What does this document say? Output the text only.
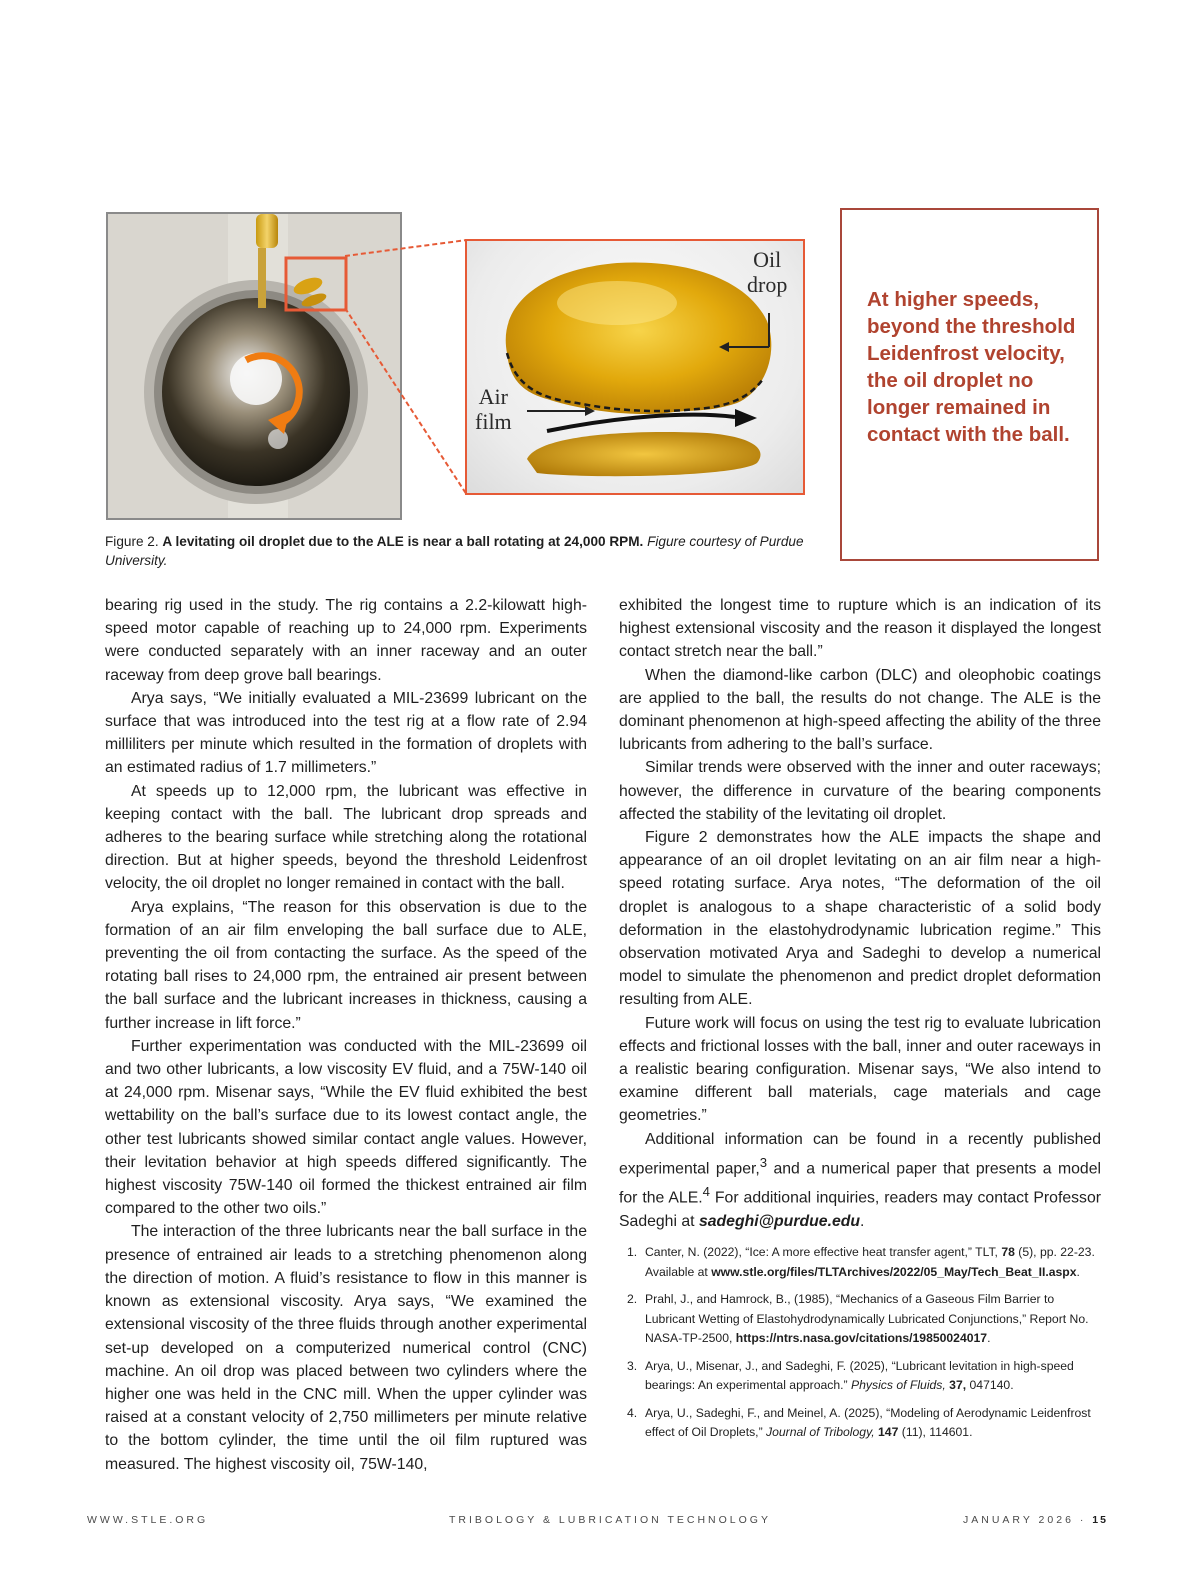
Oil
drop
Air
film
At higher speeds, beyond the threshold Leidenfrost velocity, the oil droplet no longer remained in contact with the ball.
Figure 2. A levitating oil droplet due to the ALE is near a ball rotating at 24,000 RPM. Figure courtesy of Purdue University.

bearing rig used in the study. The rig contains a 2.2-kilowatt high-speed motor capable of reaching up to 24,000 rpm. Experiments were conducted separately with an inner raceway and an outer raceway from deep grove ball bearings.

Arya says, “We initially evaluated a MIL-23699 lubricant on the surface that was introduced into the test rig at a flow rate of 2.94 milliliters per minute which resulted in the formation of droplets with an estimated radius of 1.7 millimeters.”

At speeds up to 12,000 rpm, the lubricant was effective in keeping contact with the ball. The lubricant drop spreads and adheres to the bearing surface while stretching along the rotational direction. But at higher speeds, beyond the threshold Leidenfrost velocity, the oil droplet no longer remained in contact with the ball.

Arya explains, “The reason for this observation is due to the formation of an air film enveloping the ball surface due to ALE, preventing the oil from contacting the surface. As the speed of the rotating ball rises to 24,000 rpm, the entrained air present between the ball surface and the lubricant increases in thickness, causing a further increase in lift force.”

Further experimentation was conducted with the MIL-23699 oil and two other lubricants, a low viscosity EV fluid, and a 75W-140 oil at 24,000 rpm. Misenar says, “While the EV fluid exhibited the best wettability on the ball’s surface due to its lowest contact angle, the other test lubricants showed similar contact angle values. However, their levitation behavior at high speeds differed significantly. The highest viscosity 75W-140 oil formed the thickest entrained air film compared to the other two oils.”

The interaction of the three lubricants near the ball surface in the presence of entrained air leads to a stretching phenomenon along the direction of motion. A fluid’s resistance to flow in this manner is known as extensional viscosity. Arya says, “We examined the extensional viscosity of the three fluids through another experimental set-up developed on a computerized numerical control (CNC) machine. An oil drop was placed between two cylinders where the higher one was held in the CNC mill. When the upper cylinder was raised at a constant velocity of 2,750 millimeters per minute relative to the bottom cylinder, the time until the oil film ruptured was measured. The highest viscosity oil, 75W-140,

exhibited the longest time to rupture which is an indication of its highest extensional viscosity and the reason it displayed the longest contact stretch near the ball.”

When the diamond-like carbon (DLC) and oleophobic coatings are applied to the ball, the results do not change. The ALE is the dominant phenomenon at high-speed affecting the ability of the three lubricants from adhering to the ball’s surface.

Similar trends were observed with the inner and outer raceways; however, the difference in curvature of the bearing components affected the stability of the levitating oil droplet.

Figure 2 demonstrates how the ALE impacts the shape and appearance of an oil droplet levitating on an air film near a high-speed rotating surface. Arya notes, “The deformation of the oil droplet is analogous to a shape characteristic of a solid body deformation in the elastohydrodynamic lubrication regime.” This observation motivated Arya and Sadeghi to develop a numerical model to simulate the phenomenon and predict droplet deformation resulting from ALE.

Future work will focus on using the test rig to evaluate lubrication effects and frictional losses with the ball, inner and outer raceways in a realistic bearing configuration. Misenar says, “We also intend to examine different ball materials, cage materials and cage geometries.”

Additional information can be found in a recently published experimental paper,$^3$ and a numerical paper that presents a model for the ALE.$^4$ For additional inquiries, readers may contact Professor Sadeghi at sadeghi@purdue.edu.

1. Canter, N. (2022), “Ice: A more effective heat transfer agent,” TLT, 78 (5), pp. 22-23. Available at www.stle.org/files/TLTArchives/2022/05_May/Tech_Beat_II.aspx.
2. Prahl, J., and Hamrock, B., (1985), “Mechanics of a Gaseous Film Barrier to Lubricant Wetting of Elastohydrodynamically Lubricated Conjunctions,” Report No. NASA-TP-2500, https://ntrs.nasa.gov/citations/19850024017.
3. Arya, U., Misenar, J., and Sadeghi, F. (2025), “Lubricant levitation in high-speed bearings: An experimental approach.” Physics of Fluids, 37, 047140.
4. Arya, U., Sadeghi, F., and Meinel, A. (2025), “Modeling of Aerodynamic Leidenfrost effect of Oil Droplets,” Journal of Tribology, 147 (11), 114601.
WWW.STLE.ORG	TRIBOLOGY & LUBRICATION TECHNOLOGY	JANUARY 2026 · 15
